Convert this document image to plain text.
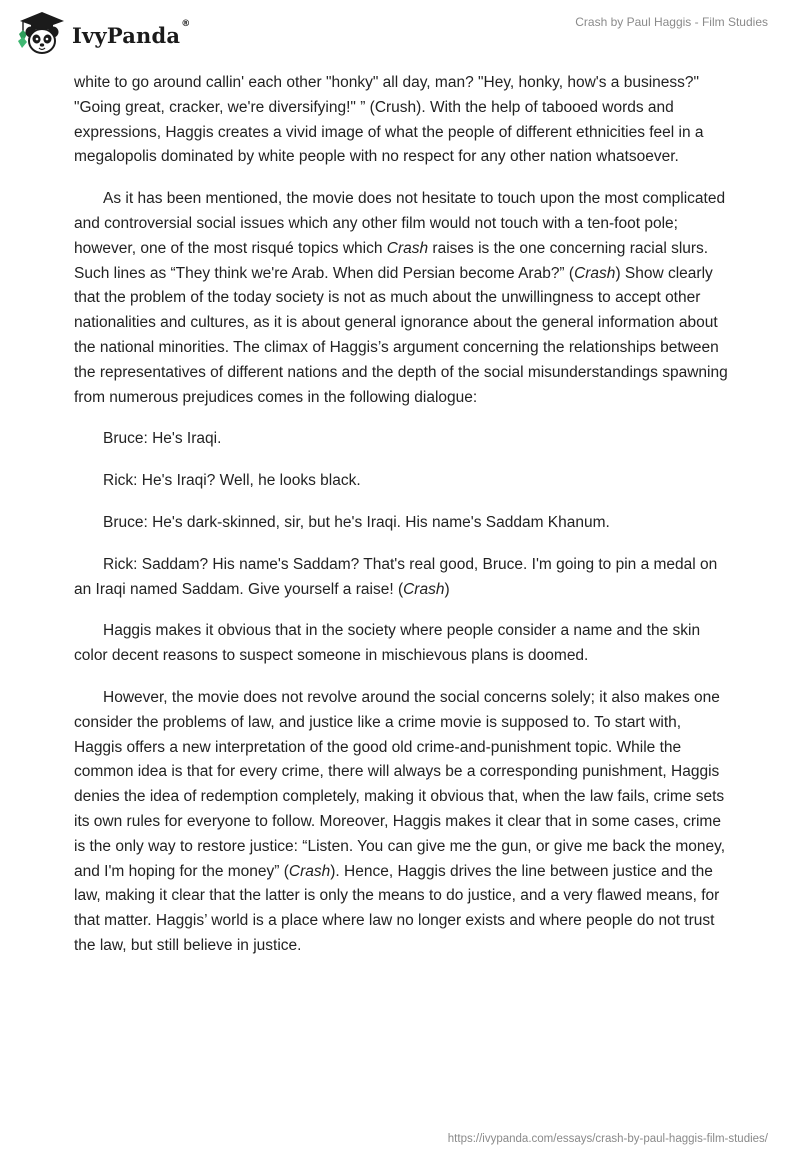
IvyPanda®	Crash by Paul Haggis - Film Studies

white to go around callin' each other "honky" all day, man? "Hey, honky, how's a business?" "Going great, cracker, we're diversifying!" ” (Crush). With the help of tabooed words and expressions, Haggis creates a vivid image of what the people of different ethnicities feel in a megalopolis dominated by white people with no respect for any other nation whatsoever.

As it has been mentioned, the movie does not hesitate to touch upon the most complicated and controversial social issues which any other film would not touch with a ten-foot pole; however, one of the most risqué topics which Crash raises is the one concerning racial slurs. Such lines as “They think we're Arab. When did Persian become Arab?” (Crash) Show clearly that the problem of the today society is not as much about the unwillingness to accept other nationalities and cultures, as it is about general ignorance about the general information about the national minorities. The climax of Haggis’s argument concerning the relationships between the representatives of different nations and the depth of the social misunderstandings spawning from numerous prejudices comes in the following dialogue:

Bruce: He's Iraqi.

Rick: He's Iraqi? Well, he looks black.

Bruce: He's dark-skinned, sir, but he's Iraqi. His name's Saddam Khanum.

Rick: Saddam? His name's Saddam? That's real good, Bruce. I'm going to pin a medal on an Iraqi named Saddam. Give yourself a raise! (Crash)

Haggis makes it obvious that in the society where people consider a name and the skin color decent reasons to suspect someone in mischievous plans is doomed.

However, the movie does not revolve around the social concerns solely; it also makes one consider the problems of law, and justice like a crime movie is supposed to. To start with, Haggis offers a new interpretation of the good old crime-and-punishment topic. While the common idea is that for every crime, there will always be a corresponding punishment, Haggis denies the idea of redemption completely, making it obvious that, when the law fails, crime sets its own rules for everyone to follow. Moreover, Haggis makes it clear that in some cases, crime is the only way to restore justice: “Listen. You can give me the gun, or give me back the money, and I'm hoping for the money” (Crash). Hence, Haggis drives the line between justice and the law, making it clear that the latter is only the means to do justice, and a very flawed means, for that matter. Haggis’ world is a place where law no longer exists and where people do not trust the law, but still believe in justice.

https://ivypanda.com/essays/crash-by-paul-haggis-film-studies/
